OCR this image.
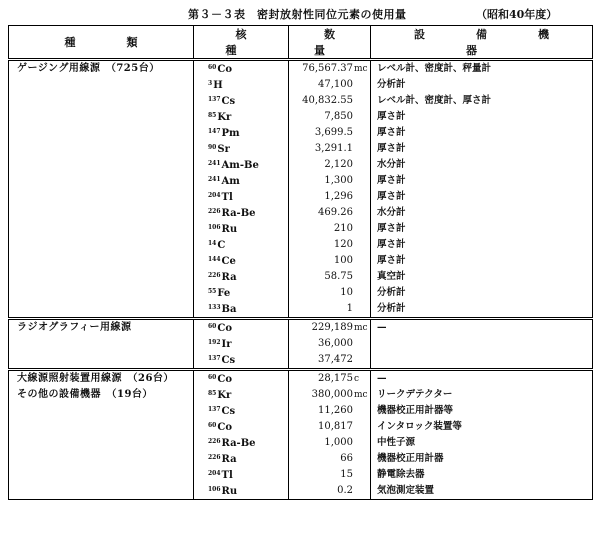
第３－３表　密封放射性同位元素の使用量	（昭和40年度）
種　類	核　種	数　量	設　備　機　器
ゲージング用線源　（725台）	$^{60}$Co	76,567.37mc	レベル計、密度計、秤量計
	$^3$H	47,100	分析計
	$^{137}$Cs	40,832.55	レベル計、密度計、厚さ計
	$^{85}$Kr	7,850	厚さ計
	$^{147}$Pm	3,699.5	厚さ計
	$^{90}$Sr	3,291.1	厚さ計
	$^{241}$Am-Be	2,120	水分計
	$^{241}$Am	1,300	厚さ計
	$^{204}$Tl	1,296	厚さ計
	$^{226}$Ra-Be	469.26	水分計
	$^{106}$Ru	210	厚さ計
	$^{14}$C	120	厚さ計
	$^{144}$Ce	100	厚さ計
	$^{226}$Ra	58.75	真空計
	$^{55}$Fe	10	分析計
	$^{133}$Ba	1	分析計
ラジオグラフィー用線源	$^{60}$Co	229,189mc	—
	$^{192}$Ir	36,000	
	$^{137}$Cs	37,472	
大線源照射装置用線源　（26台）	$^{60}$Co	28,175c	—
その他の設備機器　（19台）	$^{85}$Kr	380,000mc	リークデテクター
	$^{137}$Cs	11,260	機器校正用計器等
	$^{60}$Co	10,817	インタロック装置等
	$^{226}$Ra-Be	1,000	中性子源
	$^{226}$Ra	66	機器校正用計器
	$^{204}$Tl	15	静電除去器
	$^{106}$Ru	0.2	気泡測定装置
